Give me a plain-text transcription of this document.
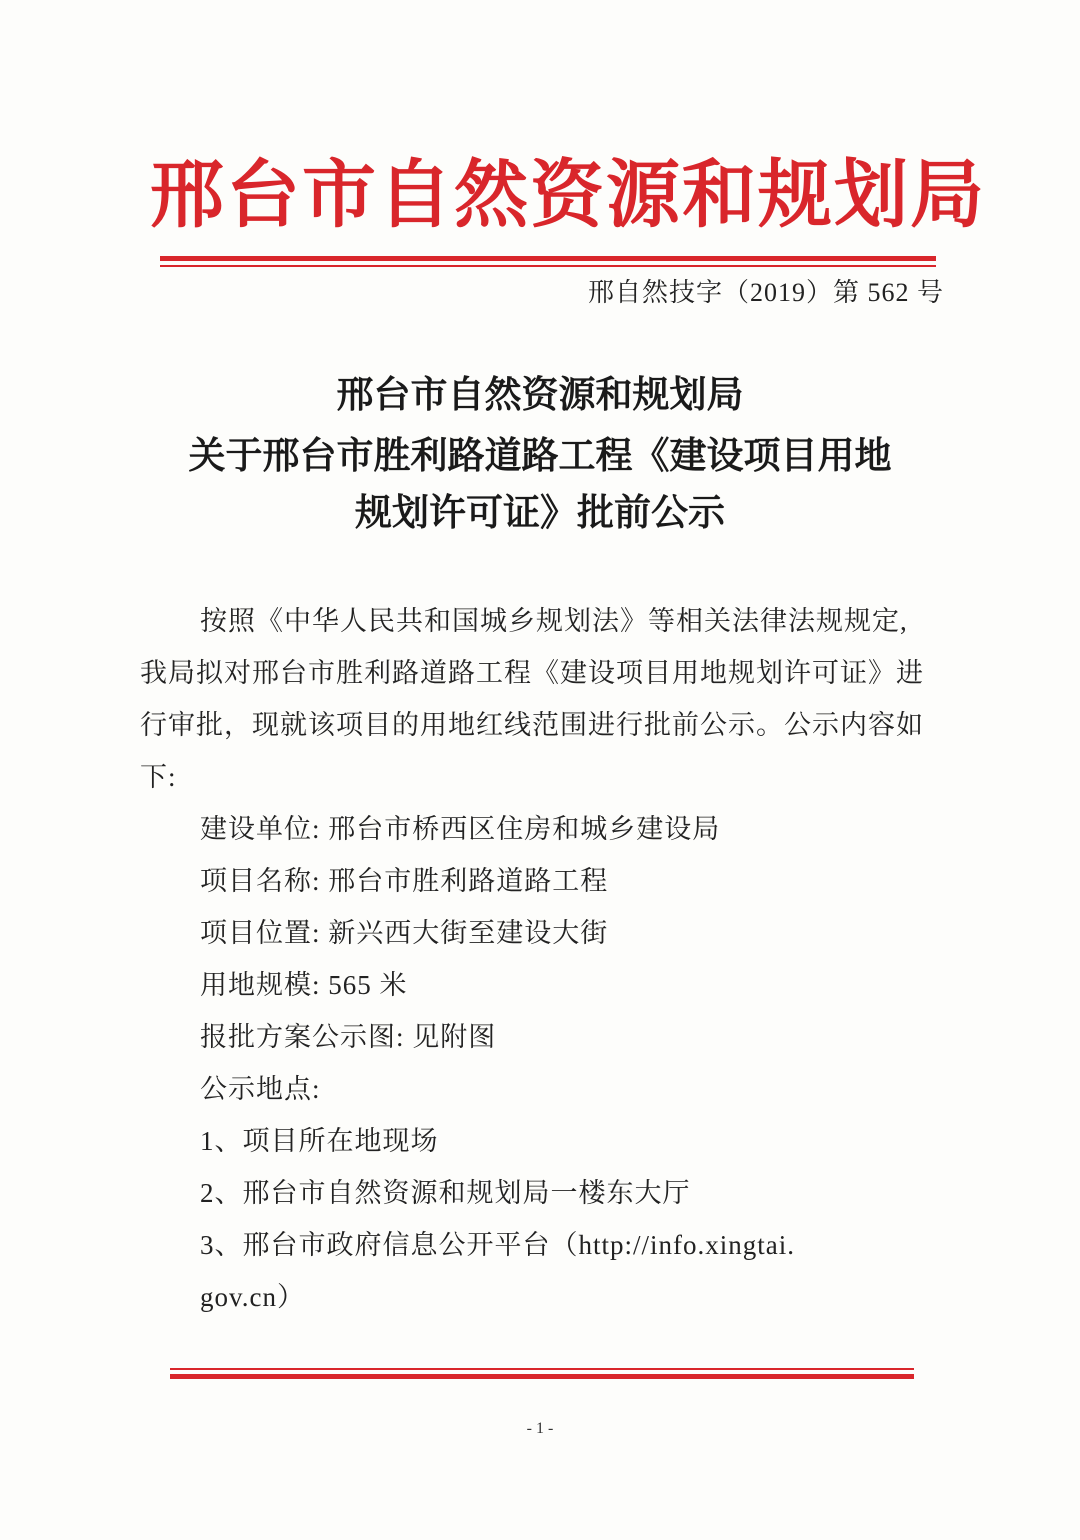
邢台市自然资源和规划局
邢自然技字（2019）第 562 号
邢台市自然资源和规划局
关于邢台市胜利路道路工程《建设项目用地
规划许可证》批前公示
按照《中华人民共和国城乡规划法》等相关法律法规规定,
我局拟对邢台市胜利路道路工程《建设项目用地规划许可证》进
行审批，现就该项目的用地红线范围进行批前公示。公示内容如
下:
建设单位: 邢台市桥西区住房和城乡建设局
项目名称: 邢台市胜利路道路工程
项目位置: 新兴西大街至建设大街
用地规模: 565 米
报批方案公示图: 见附图
公示地点:
1、项目所在地现场
2、邢台市自然资源和规划局一楼东大厅
3、邢台市政府信息公开平台（http://info.xingtai.
gov.cn）
- 1 -
